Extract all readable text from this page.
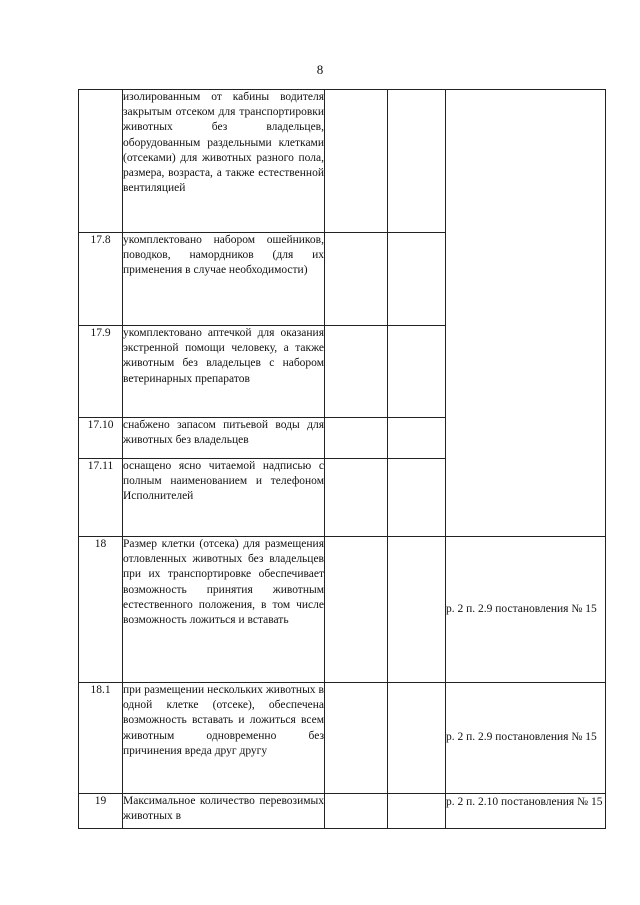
8
	изолированным от кабины водителя закрытым отсеком для транспортировки животных без владельцев, оборудованным раздельными клетками (отсеками) для животных разного пола, размера, возраста, а также естественной вентиляцией			
17.8	укомплектовано набором ошейников, поводков, намордников (для их применения в случае необходимости)			
17.9	укомплектовано аптечкой для оказания экстренной помощи человеку, а также животным без владельцев с набором ветеринарных препаратов			
17.10	снабжено запасом питьевой воды для животных без владельцев			
17.11	оснащено ясно читаемой надписью с полным наименованием и телефоном Исполнителей			
18	Размер клетки (отсека) для размещения отловленных животных без владельцев при их транспортировке обеспечивает возможность принятия животным естественного положения, в том числе возможность ложиться и вставать			р. 2 п. 2.9 постановления № 15

18.1	при размещении нескольких животных в одной клетке (отсеке), обеспечена возможность вставать и ложиться всем животным одновременно без причинения вреда друг другу			р. 2 п. 2.9 постановления № 15

19	Максимальное количество перевозимых животных в			р. 2 п. 2.10 постановления № 15
